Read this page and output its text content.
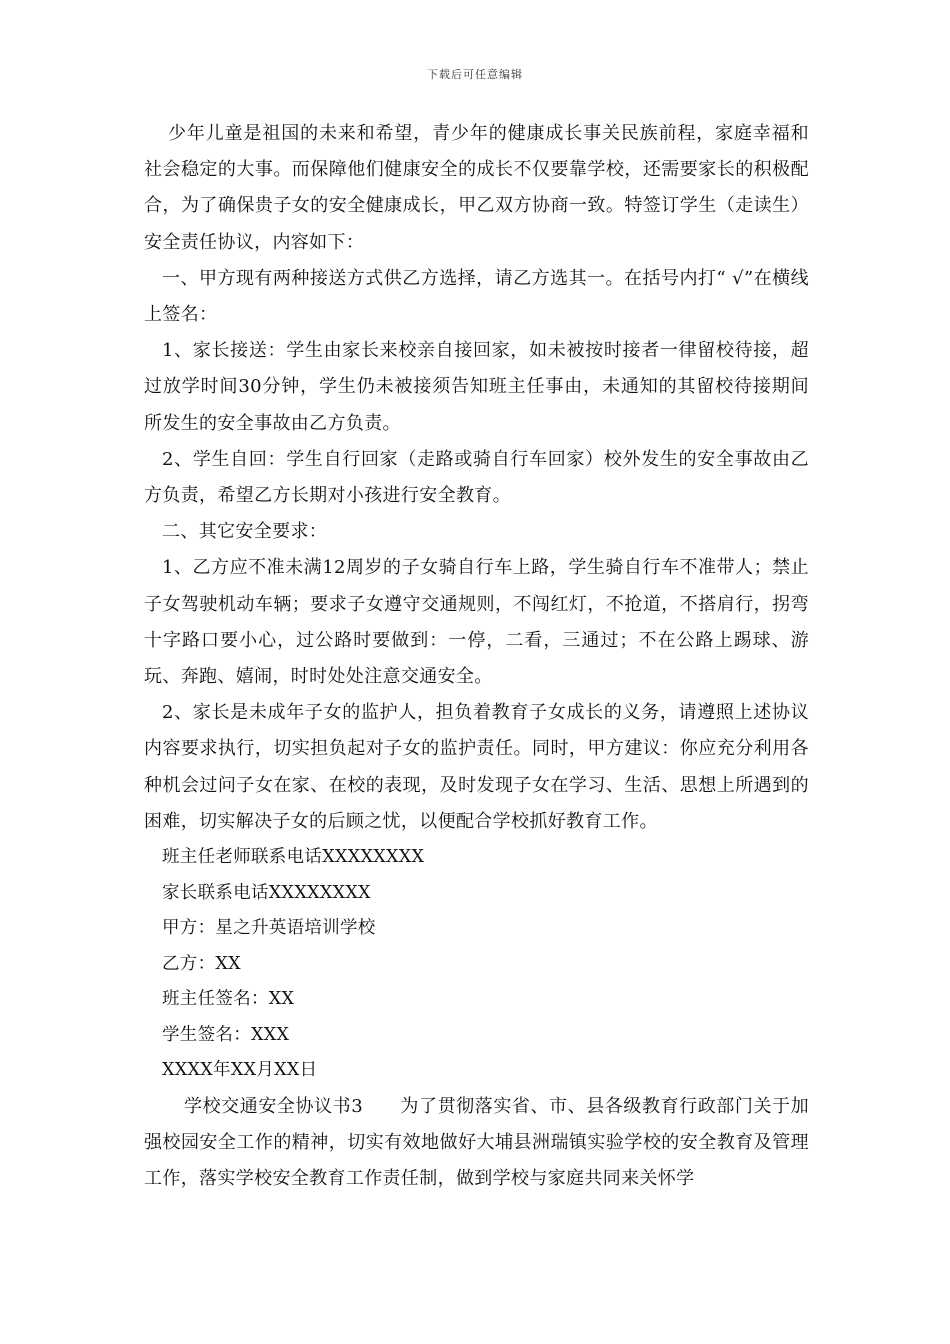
下载后可任意编辑

少年儿童是祖国的未来和希望，青少年的健康成长事关民族前程，家庭幸福和社会稳定的大事。而保障他们健康安全的成长不仅要靠学校，还需要家长的积极配合，为了确保贵子女的安全健康成长，甲乙双方协商一致。特签订学生（走读生）安全责任协议，内容如下：

一、甲方现有两种接送方式供乙方选择，请乙方选其一。在括号内打“ √”在横线上签名：

1、家长接送：学生由家长来校亲自接回家，如未被按时接者一律留校待接，超过放学时间30分钟，学生仍未被接须告知班主任事由，未通知的其留校待接期间所发生的安全事故由乙方负责。

2、学生自回：学生自行回家（走路或骑自行车回家）校外发生的安全事故由乙方负责，希望乙方长期对小孩进行安全教育。

二、其它安全要求：

1、乙方应不准未满12周岁的子女骑自行车上路，学生骑自行车不准带人；禁止子女驾驶机动车辆；要求子女遵守交通规则，不闯红灯，不抢道，不搭肩行，拐弯十字路口要小心，过公路时要做到：一停，二看，三通过；不在公路上踢球、游玩、奔跑、嬉闹，时时处处注意交通安全。

2、家长是未成年子女的监护人，担负着教育子女成长的义务，请遵照上述协议内容要求执行，切实担负起对子女的监护责任。同时，甲方建议：你应充分利用各种机会过问子女在家、在校的表现，及时发现子女在学习、生活、思想上所遇到的困难，切实解决子女的后顾之忧，以便配合学校抓好教育工作。

班主任老师联系电话XXXXXXXX

家长联系电话XXXXXXXX

甲方：星之升英语培训学校

乙方：XX

班主任签名：XX

学生签名：XXX

XXXX年XX月XX日

学校交通安全协议书3　　为了贯彻落实省、市、县各级教育行政部门关于加强校园安全工作的精神，切实有效地做好大埔县洲瑞镇实验学校的安全教育及管理工作，落实学校安全教育工作责任制，做到学校与家庭共同来关怀学
